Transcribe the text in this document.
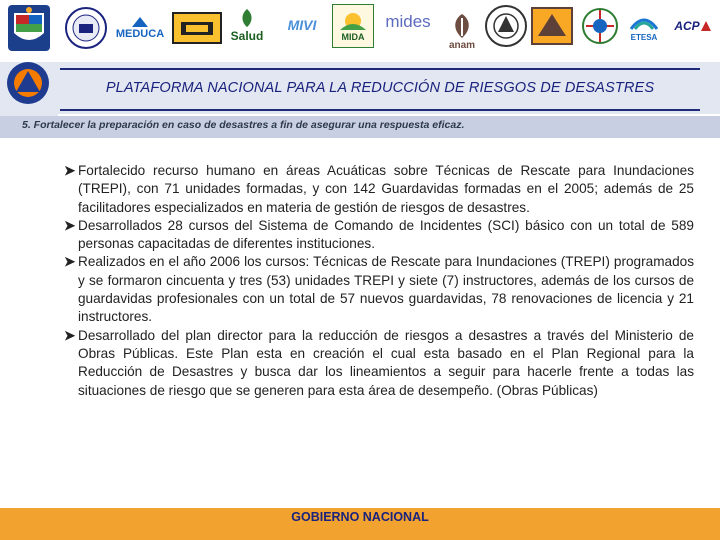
MEDUCA	Salud
MIVI
MIDA
mides
anam
ETESA
ACP
PLATAFORMA NACIONAL PARA LA REDUCCIÓN DE RIESGOS DE DESASTRES
5. Fortalecer la preparación en caso de desastres a fin de asegurar una respuesta eficaz.
➤ Fortalecido recurso humano en áreas Acuáticas sobre Técnicas de Rescate para Inundaciones (TREPI), con 71 unidades formadas, y con 142 Guardavidas formadas en el 2005; además de 25 facilitadores especializados en materia de gestión de riesgos de desastres.
➤ Desarrollados 28 cursos del Sistema de Comando de Incidentes (SCI) básico con un total de 589 personas capacitadas de diferentes instituciones.
➤ Realizados en el año 2006 los cursos: Técnicas de Rescate para Inundaciones (TREPI) programados y se formaron cincuenta y tres (53) unidades TREPI y siete (7) instructores, además de los cursos de guardavidas profesionales con un total de 57 nuevos guardavidas, 78 renovaciones de licencia y 21 instructores.
➤ Desarrollado del plan director para la reducción de riesgos a desastres a través del Ministerio de Obras Públicas. Este Plan esta en creación el cual esta basado en el Plan Regional para la Reducción de Desastres y busca dar los lineamientos a seguir para hacerle frente a todas las situaciones de riesgo que se generen para esta área de desempeño. (Obras Públicas)
GOBIERNO NACIONAL
